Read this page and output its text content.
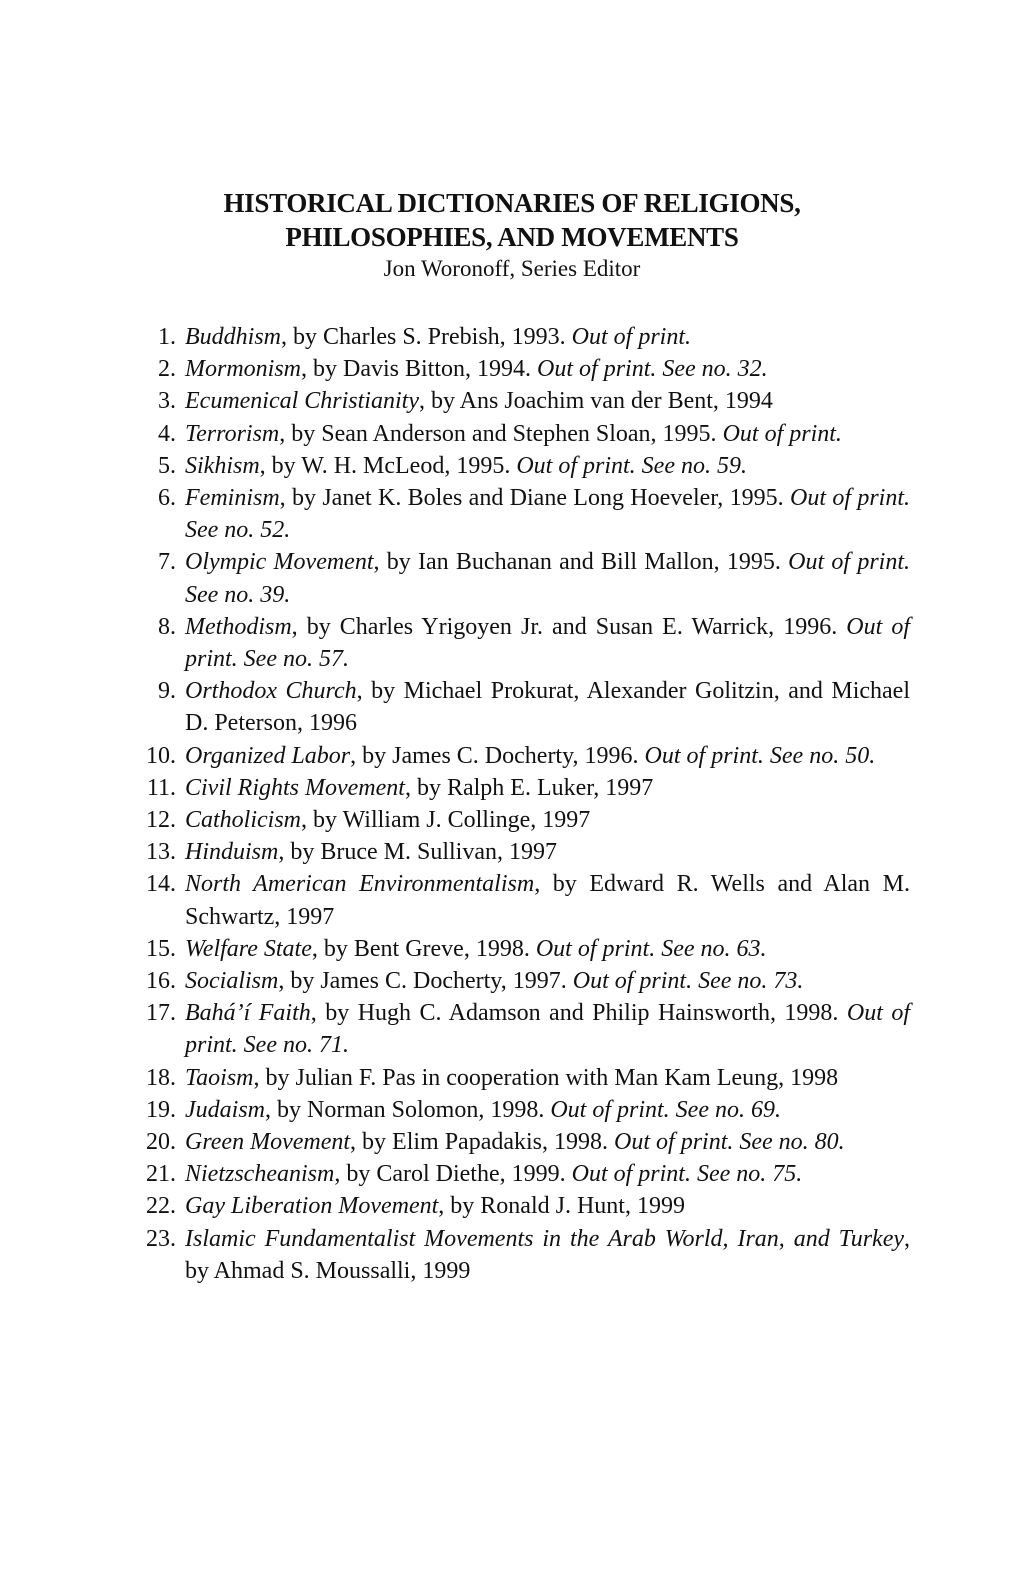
HISTORICAL DICTIONARIES OF RELIGIONS,
PHILOSOPHIES, AND MOVEMENTS
Jon Woronoff, Series Editor
1. Buddhism, by Charles S. Prebish, 1993. Out of print.
2. Mormonism, by Davis Bitton, 1994. Out of print. See no. 32.
3. Ecumenical Christianity, by Ans Joachim van der Bent, 1994
4. Terrorism, by Sean Anderson and Stephen Sloan, 1995. Out of print.
5. Sikhism, by W. H. McLeod, 1995. Out of print. See no. 59.
6. Feminism, by Janet K. Boles and Diane Long Hoeveler, 1995. Out of print. See no. 52.
7. Olympic Movement, by Ian Buchanan and Bill Mallon, 1995. Out of print. See no. 39.
8. Methodism, by Charles Yrigoyen Jr. and Susan E. Warrick, 1996. Out of print. See no. 57.
9. Orthodox Church, by Michael Prokurat, Alexander Golitzin, and Michael D. Peterson, 1996
10. Organized Labor, by James C. Docherty, 1996. Out of print. See no. 50.
11. Civil Rights Movement, by Ralph E. Luker, 1997
12. Catholicism, by William J. Collinge, 1997
13. Hinduism, by Bruce M. Sullivan, 1997
14. North American Environmentalism, by Edward R. Wells and Alan M. Schwartz, 1997
15. Welfare State, by Bent Greve, 1998. Out of print. See no. 63.
16. Socialism, by James C. Docherty, 1997. Out of print. See no. 73.
17. Bahá’í Faith, by Hugh C. Adamson and Philip Hainsworth, 1998. Out of print. See no. 71.
18. Taoism, by Julian F. Pas in cooperation with Man Kam Leung, 1998
19. Judaism, by Norman Solomon, 1998. Out of print. See no. 69.
20. Green Movement, by Elim Papadakis, 1998. Out of print. See no. 80.
21. Nietzscheanism, by Carol Diethe, 1999. Out of print. See no. 75.
22. Gay Liberation Movement, by Ronald J. Hunt, 1999
23. Islamic Fundamentalist Movements in the Arab World, Iran, and Turkey, by Ahmad S. Moussalli, 1999
